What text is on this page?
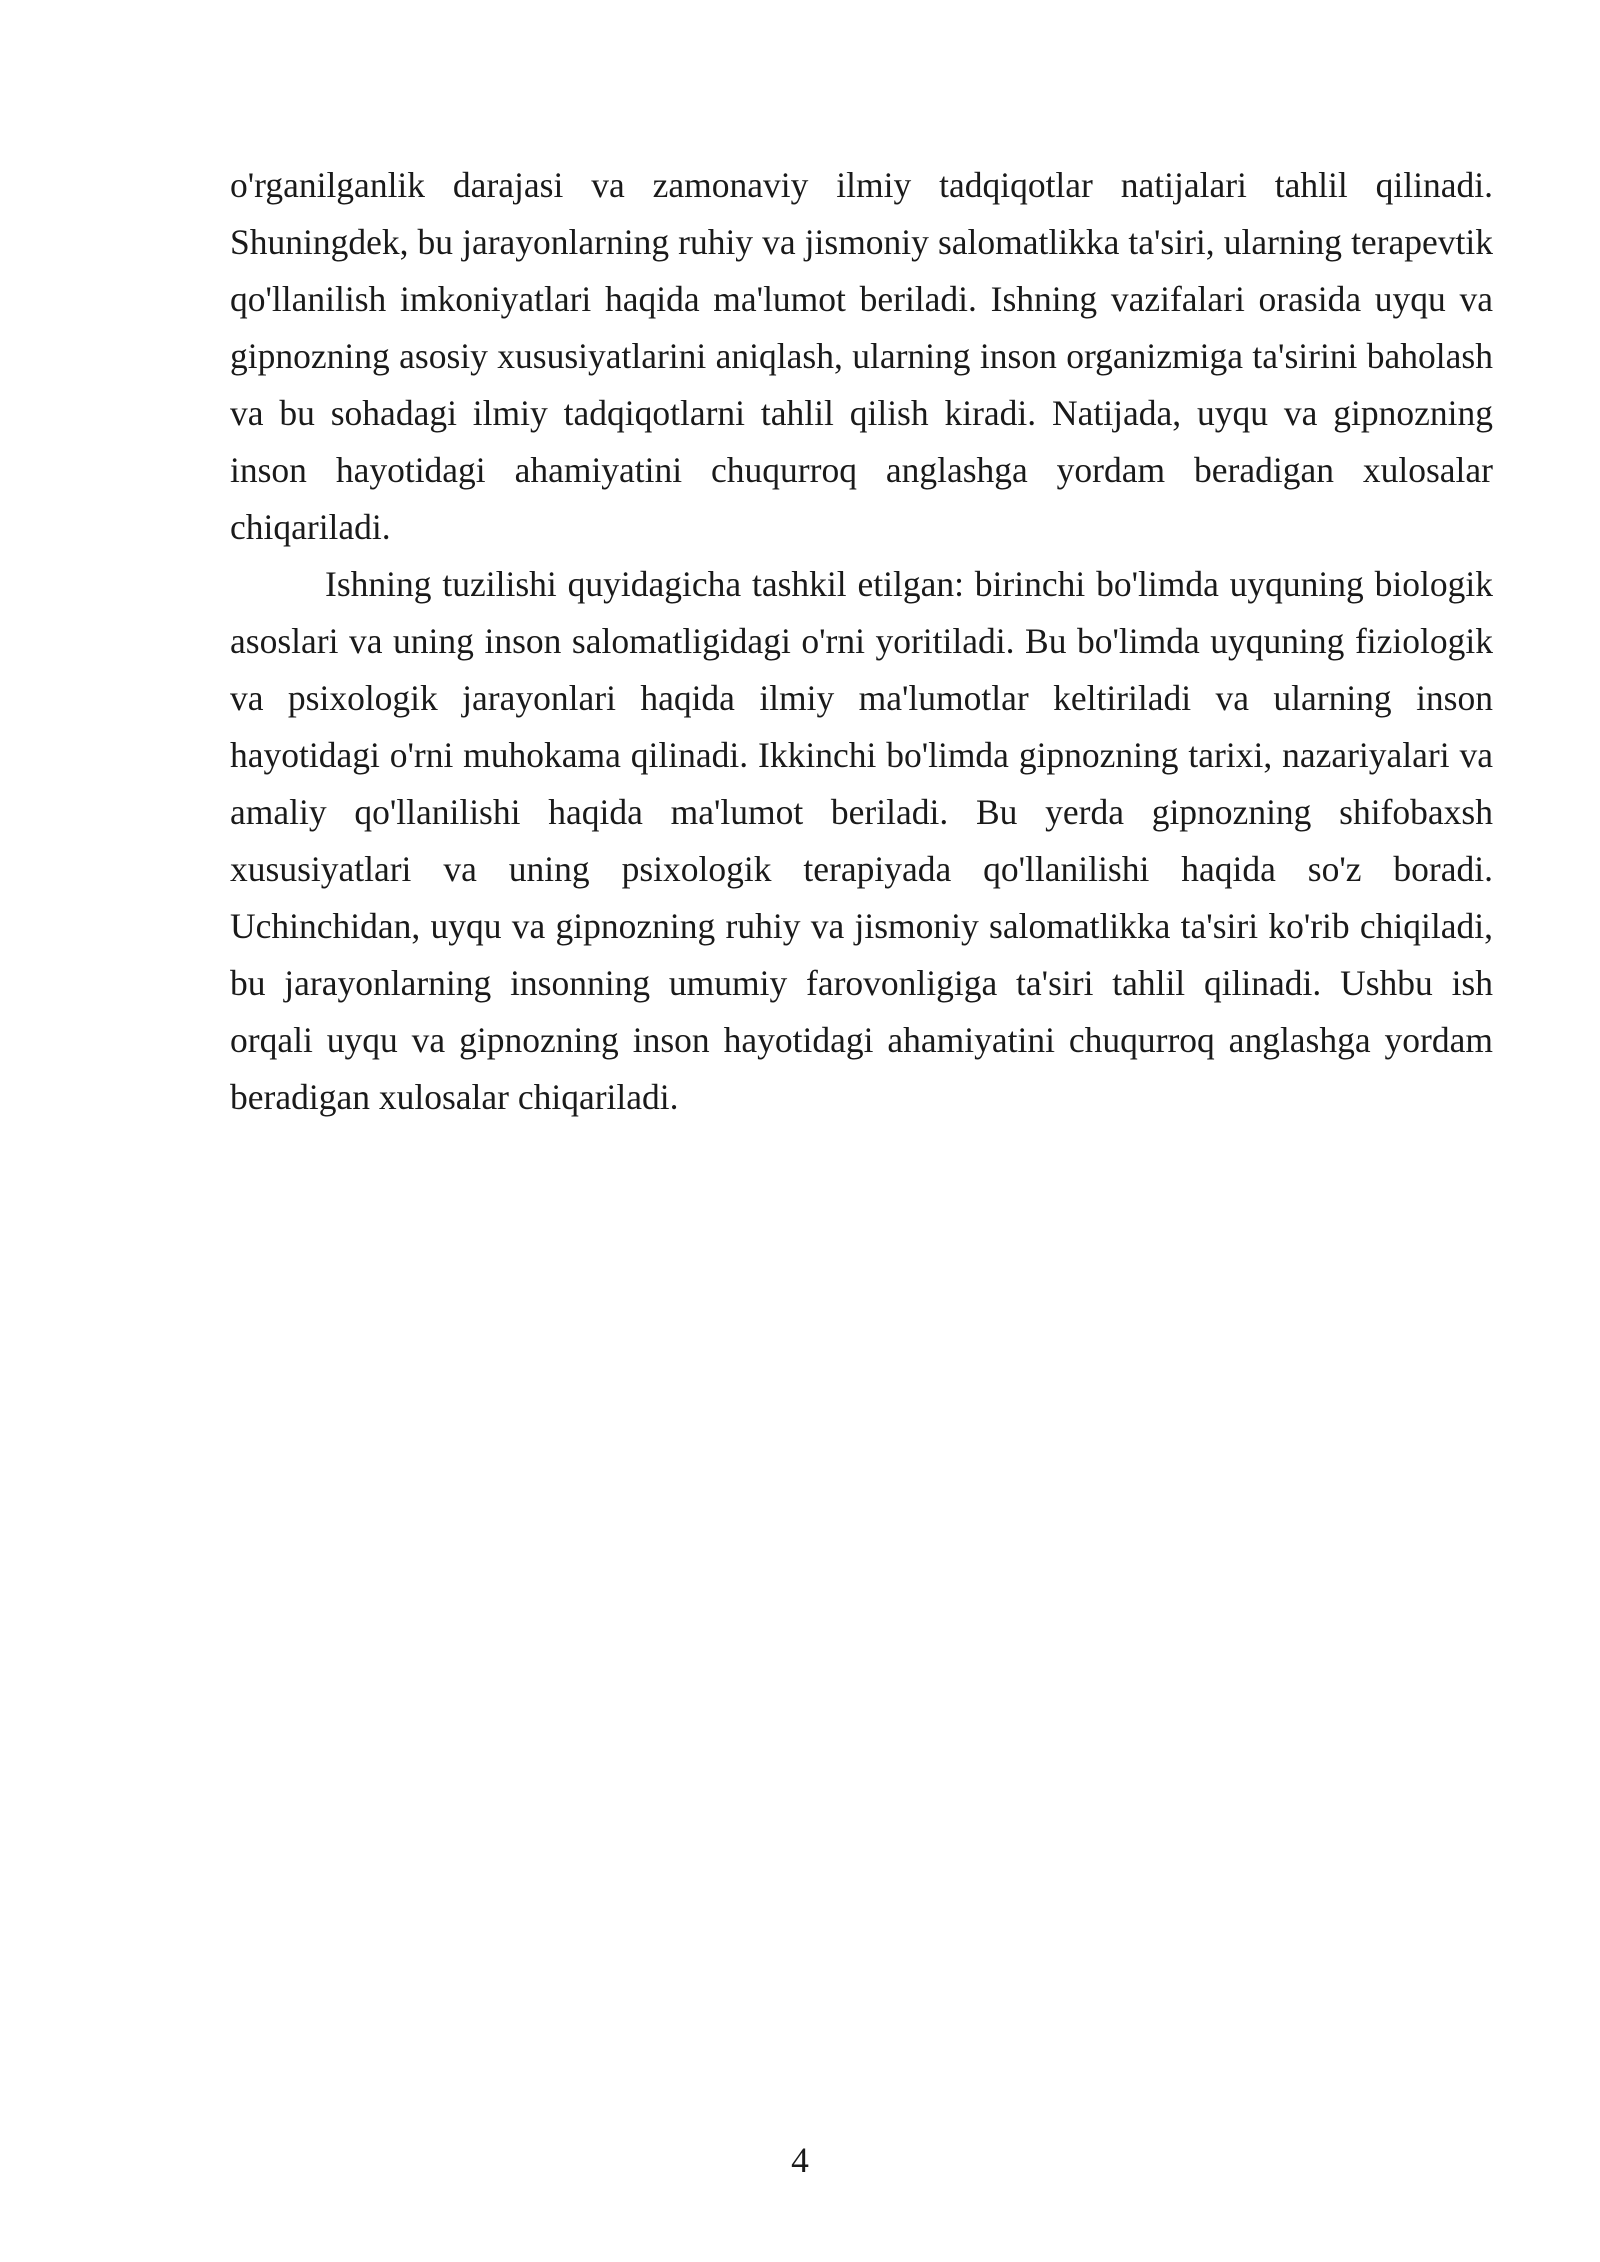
o'rganilganlik darajasi va zamonaviy ilmiy tadqiqotlar natijalari tahlil qilinadi. Shuningdek, bu jarayonlarning ruhiy va jismoniy salomatlikka ta'siri, ularning terapevtik qo'llanilish imkoniyatlari haqida ma'lumot beriladi. Ishning vazifalari orasida uyqu va gipnozning asosiy xususiyatlarini aniqlash, ularning inson organizmiga ta'sirini baholash va bu sohadagi ilmiy tadqiqotlarni tahlil qilish kiradi. Natijada, uyqu va gipnozning inson hayotidagi ahamiyatini chuqurroq anglashga yordam beradigan xulosalar chiqariladi.

Ishning tuzilishi quyidagicha tashkil etilgan: birinchi bo'limda uyquning biologik asoslari va uning inson salomatligidagi o'rni yoritiladi. Bu bo'limda uyquning fiziologik va psixologik jarayonlari haqida ilmiy ma'lumotlar keltiriladi va ularning inson hayotidagi o'rni muhokama qilinadi. Ikkinchi bo'limda gipnozning tarixi, nazariyalari va amaliy qo'llanilishi haqida ma'lumot beriladi. Bu yerda gipnozning shifobaxsh xususiyatlari va uning psixologik terapiyada qo'llanilishi haqida so'z boradi. Uchinchidan, uyqu va gipnozning ruhiy va jismoniy salomatlikka ta'siri ko'rib chiqiladi, bu jarayonlarning insonning umumiy farovonligiga ta'siri tahlil qilinadi. Ushbu ish orqali uyqu va gipnozning inson hayotidagi ahamiyatini chuqurroq anglashga yordam beradigan xulosalar chiqariladi.

4
